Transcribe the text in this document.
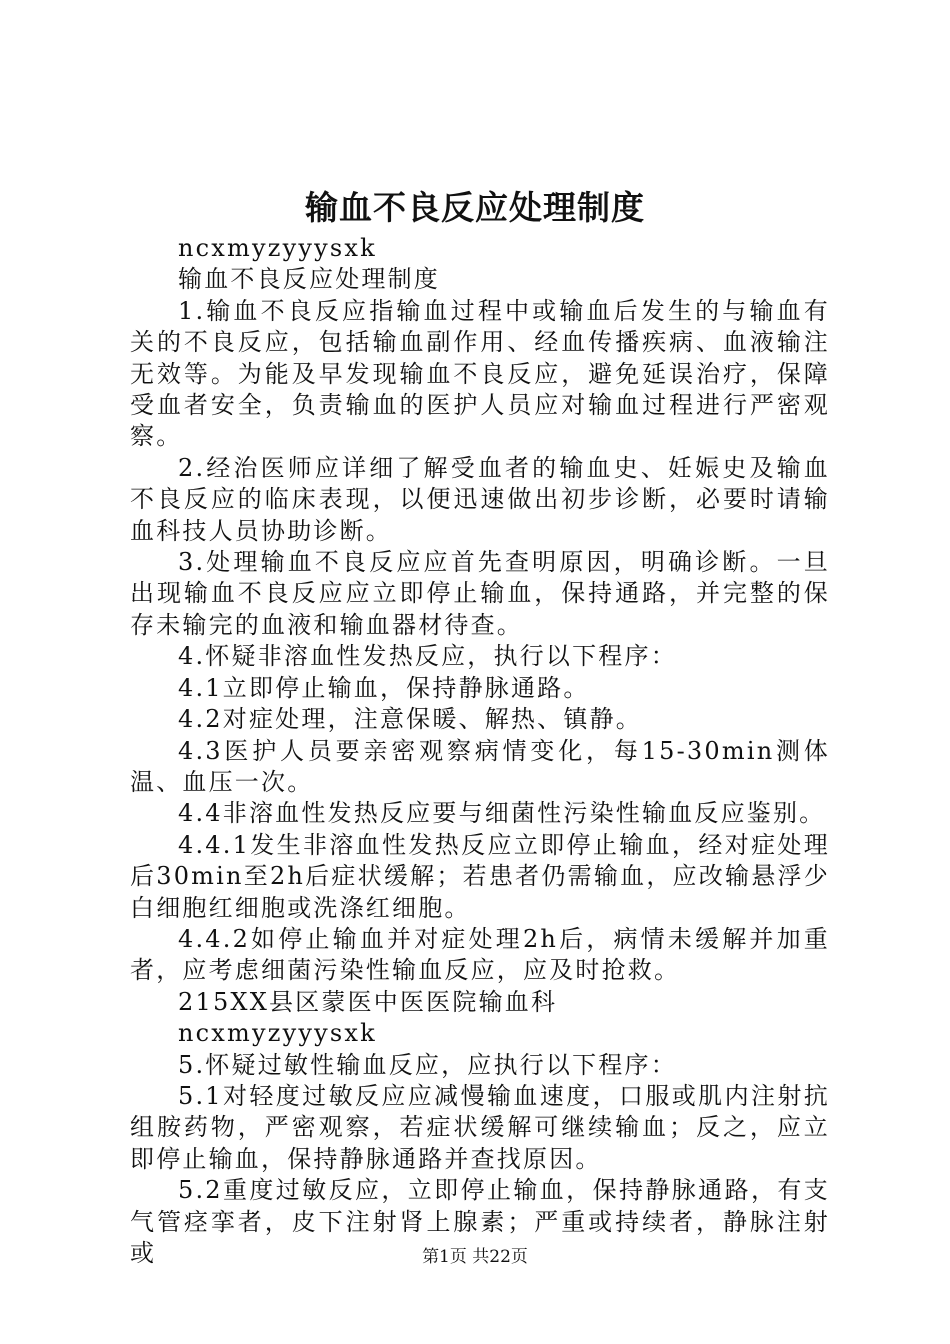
输血不良反应处理制度

ncxmyzyyysxk

输血不良反应处理制度

1.输血不良反应指输血过程中或输血后发生的与输血有关的不良反应，包括输血副作用、经血传播疾病、血液输注无效等。为能及早发现输血不良反应，避免延误治疗，保障受血者安全，负责输血的医护人员应对输血过程进行严密观察。

2.经治医师应详细了解受血者的输血史、妊娠史及输血不良反应的临床表现，以便迅速做出初步诊断，必要时请输血科技人员协助诊断。

3.处理输血不良反应应首先查明原因，明确诊断。一旦出现输血不良反应应立即停止输血，保持通路，并完整的保存未输完的血液和输血器材待查。

4.怀疑非溶血性发热反应，执行以下程序：

4.1立即停止输血，保持静脉通路。

4.2对症处理，注意保暖、解热、镇静。

4.3医护人员要亲密观察病情变化，每15-30min测体温、血压一次。

4.4非溶血性发热反应要与细菌性污染性输血反应鉴别。

4.4.1发生非溶血性发热反应立即停止输血，经对症处理后30min至2h后症状缓解；若患者仍需输血，应改输悬浮少白细胞红细胞或洗涤红细胞。

4.4.2如停止输血并对症处理2h后，病情未缓解并加重者，应考虑细菌污染性输血反应，应及时抢救。

215XX县区蒙医中医医院输血科

ncxmyzyyysxk

5.怀疑过敏性输血反应，应执行以下程序：

5.1对轻度过敏反应应减慢输血速度，口服或肌内注射抗组胺药物，严密观察，若症状缓解可继续输血；反之，应立即停止输血，保持静脉通路并查找原因。

5.2重度过敏反应，立即停止输血，保持静脉通路，有支气管痉挛者，皮下注射肾上腺素；严重或持续者，静脉注射或	第1页 共22页
